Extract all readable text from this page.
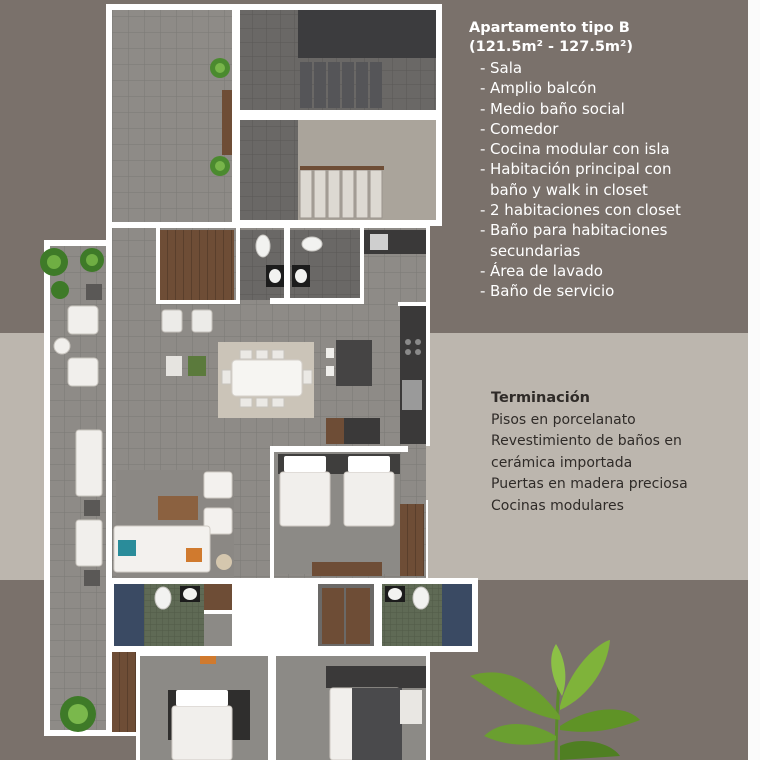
Apartamento tipo B
(121.5m² - 127.5m²)
- Sala
- Amplio balcón
- Medio baño social
- Comedor
- Cocina modular con isla
- Habitación principal con
baño y walk in closet
- 2 habitaciones con closet
- Baño para habitaciones
secundarias
- Área de lavado
- Baño de servicio
Terminación
Pisos en porcelanato
Revestimiento de baños en
cerámica importada
Puertas en madera preciosa
Cocinas modulares
